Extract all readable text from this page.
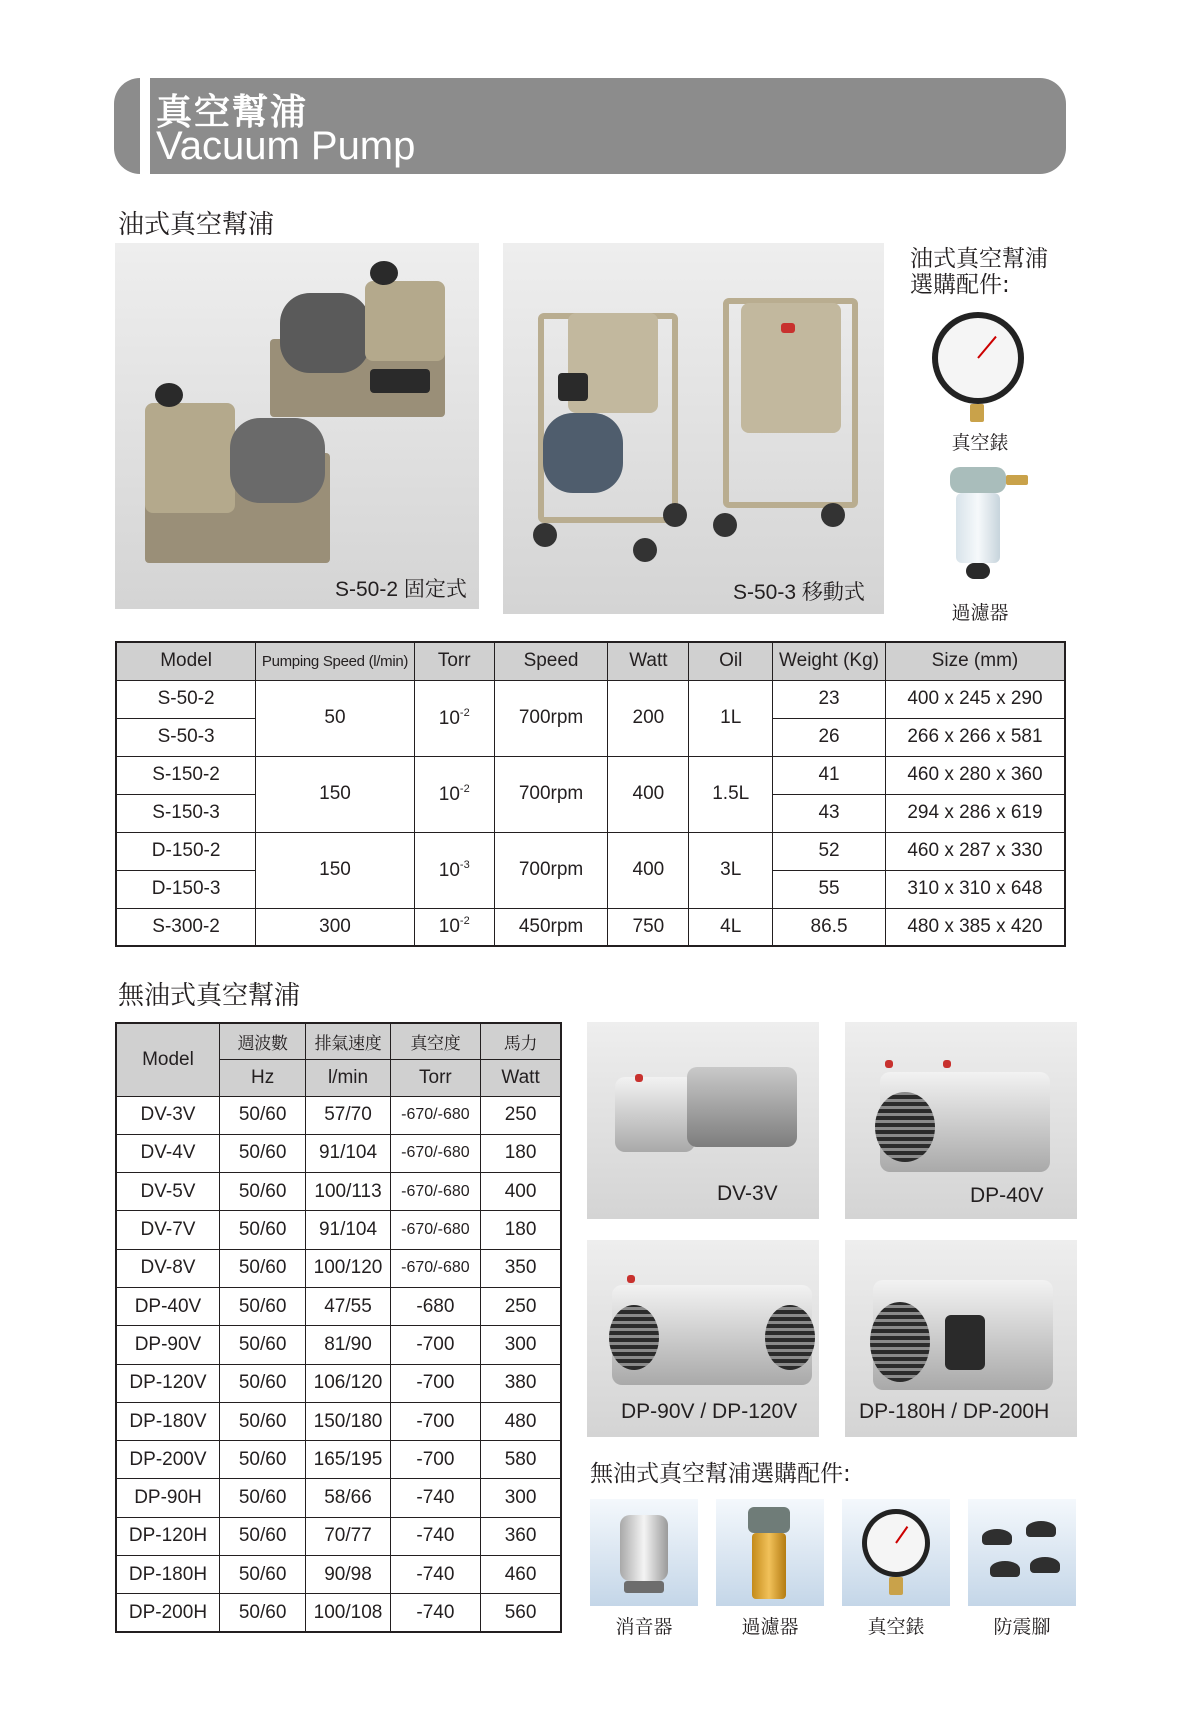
真空幫浦
Vacuum Pump
油式真空幫浦
S-50-2 固定式	S-50-3 移動式
油式真空幫浦
選購配件:
真空錶
過濾器
Model	Pumping Speed (l/min)	Torr	Speed	Watt	Oil	Weight (Kg)	Size (mm)
S-50-2	50	$10^{-2}$	700rpm	200	1L	23	400 x 245 x 290
S-50-3						26	266 x 266 x 581
S-150-2	150	$10^{-2}$	700rpm	400	1.5L	41	460 x 280 x 360
S-150-3						43	294 x 286 x 619
D-150-2	150	$10^{-3}$	700rpm	400	3L	52	460 x 287 x 330
D-150-3						55	310 x 310 x 648
S-300-2	300	$10^{-2}$	450rpm	750	4L	86.5	480 x 385 x 420
無油式真空幫浦
Model	週波數	排氣速度	真空度	馬力
	Hz	l/min	Torr	Watt
DV-3V	50/60	57/70	-670/-680	250
DV-4V	50/60	91/104	-670/-680	180
DV-5V	50/60	100/113	-670/-680	400
DV-7V	50/60	91/104	-670/-680	180
DV-8V	50/60	100/120	-670/-680	350
DP-40V	50/60	47/55	-680	250
DP-90V	50/60	81/90	-700	300
DP-120V	50/60	106/120	-700	380
DP-180V	50/60	150/180	-700	480
DP-200V	50/60	165/195	-700	580
DP-90H	50/60	58/66	-740	300
DP-120H	50/60	70/77	-740	360
DP-180H	50/60	90/98	-740	460
DP-200H	50/60	100/108	-740	560
DV-3V	DP-40V
DP-90V / DP-120V	DP-180H / DP-200H
無油式真空幫浦選購配件:
消音器	過濾器	真空錶	防震腳
